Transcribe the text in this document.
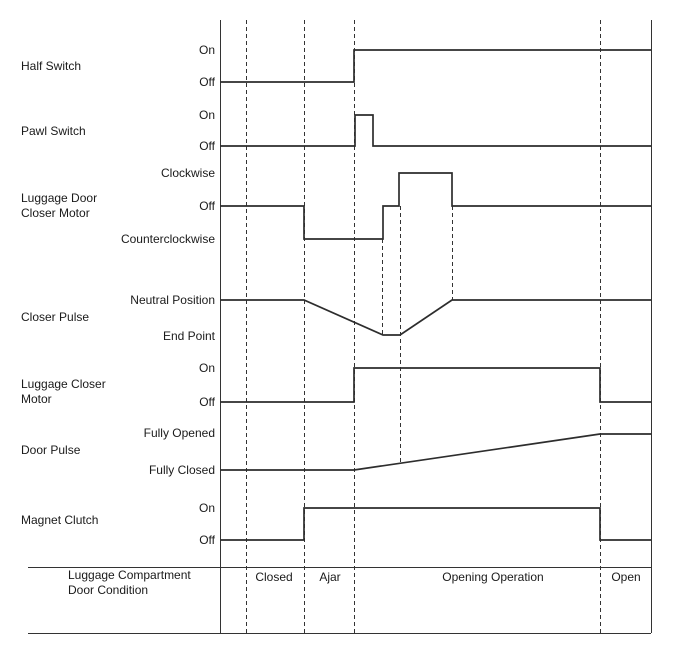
Half Switch
On
Off
Pawl Switch
On
Off
Luggage Door
Closer Motor
Clockwise
Off
Counterclockwise
Closer Pulse
Neutral Position
End Point
Luggage Closer
Motor
On
Off
Door Pulse
Fully Opened
Fully Closed
Magnet Clutch
On
Off
Luggage Compartment
Door Condition
Closed	Ajar	Opening Operation	Open
